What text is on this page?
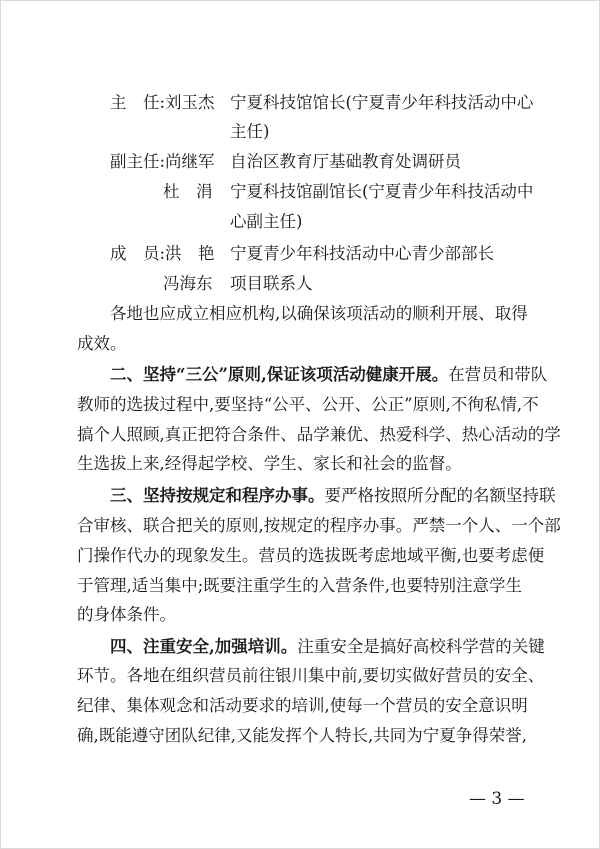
主　任:刘玉杰 宁夏科技馆馆长(宁夏青少年科技活动中心
主任)
副主任:尚继军 自治区教育厅基础教育处调研员
杜　涓 宁夏科技馆副馆长(宁夏青少年科技活动中
心副主任)
成　员:洪　艳 宁夏青少年科技活动中心青少部部长
冯海东 项目联系人
各地也应成立相应机构,以确保该项活动的顺利开展、取得
成效。
二、坚持“三公”原则,保证该项活动健康开展。在营员和带队
教师的选拔过程中,要坚持“公平、公开、公正”原则,不徇私情,不
搞个人照顾,真正把符合条件、品学兼优、热爱科学、热心活动的学
生选拔上来,经得起学校、学生、家长和社会的监督。
三、坚持按规定和程序办事。要严格按照所分配的名额坚持联
合审核、联合把关的原则,按规定的程序办事。严禁一个人、一个部
门操作代办的现象发生。营员的选拔既考虑地域平衡,也要考虑便
于管理,适当集中;既要注重学生的入营条件,也要特别注意学生
的身体条件。
四、注重安全,加强培训。注重安全是搞好高校科学营的关键
环节。各地在组织营员前往银川集中前,要切实做好营员的安全、
纪律、集体观念和活动要求的培训,使每一个营员的安全意识明
确,既能遵守团队纪律,又能发挥个人特长,共同为宁夏争得荣誉,
— 3 —
